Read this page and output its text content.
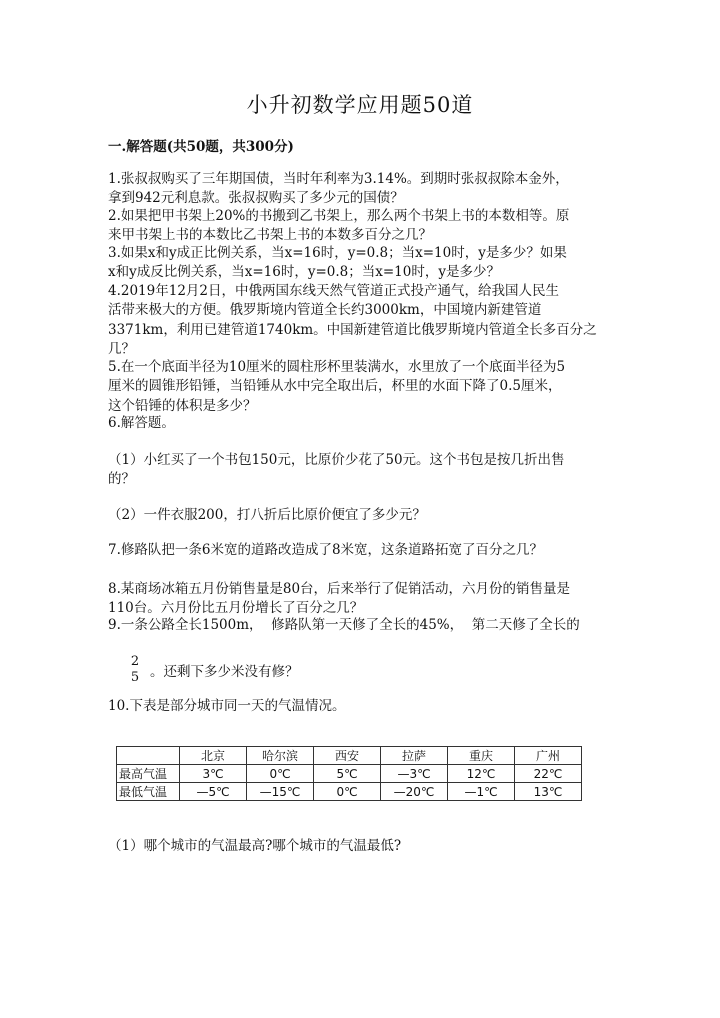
小升初数学应用题50道
一.解答题(共50题，共300分)
1.张叔叔购买了三年期国债，当时年利率为3.14%。到期时张叔叔除本金外，
拿到942元利息款。张叔叔购买了多少元的国债？
2.如果把甲书架上20%的书搬到乙书架上，那么两个书架上书的本数相等。原
来甲书架上书的本数比乙书架上书的本数多百分之几？
3.如果x和y成正比例关系，当x=16时，y=0.8；当x=10时，y是多少？如果
x和y成反比例关系，当x=16时，y=0.8；当x=10时，y是多少？
4.2019年12月2日，中俄两国东线天然气管道正式投产通气，给我国人民生
活带来极大的方便。俄罗斯境内管道全长约3000km，中国境内新建管道
3371km，利用已建管道1740km。中国新建管道比俄罗斯境内管道全长多百分之
几？
5.在一个底面半径为10厘米的圆柱形杯里装满水，水里放了一个底面半径为5
厘米的圆锥形铅锤，当铅锤从水中完全取出后，杯里的水面下降了0.5厘米，
这个铅锤的体积是多少？
6.解答题。
（1）小红买了一个书包150元，比原价少花了50元。这个书包是按几折出售
的？
（2）一件衣服200，打八折后比原价便宜了多少元？
7.修路队把一条6米宽的道路改造成了8米宽，这条道路拓宽了百分之几？
8.某商场冰箱五月份销售量是80台，后来举行了促销活动，六月份的销售量是
110台。六月份比五月份增长了百分之几？
9.一条公路全长1500m，  修路队第一天修了全长的45%，  第二天修了全长的
2
5 。还剩下多少米没有修？
10.下表是部分城市同一天的气温情况。
	北京	哈尔滨	西安	拉萨	重庆	广州
最高气温	3℃	0℃	5℃	—3℃	12℃	22℃
最低气温	—5℃	—15℃	0℃	—20℃	—1℃	13℃
（1）哪个城市的气温最高?哪个城市的气温最低?
